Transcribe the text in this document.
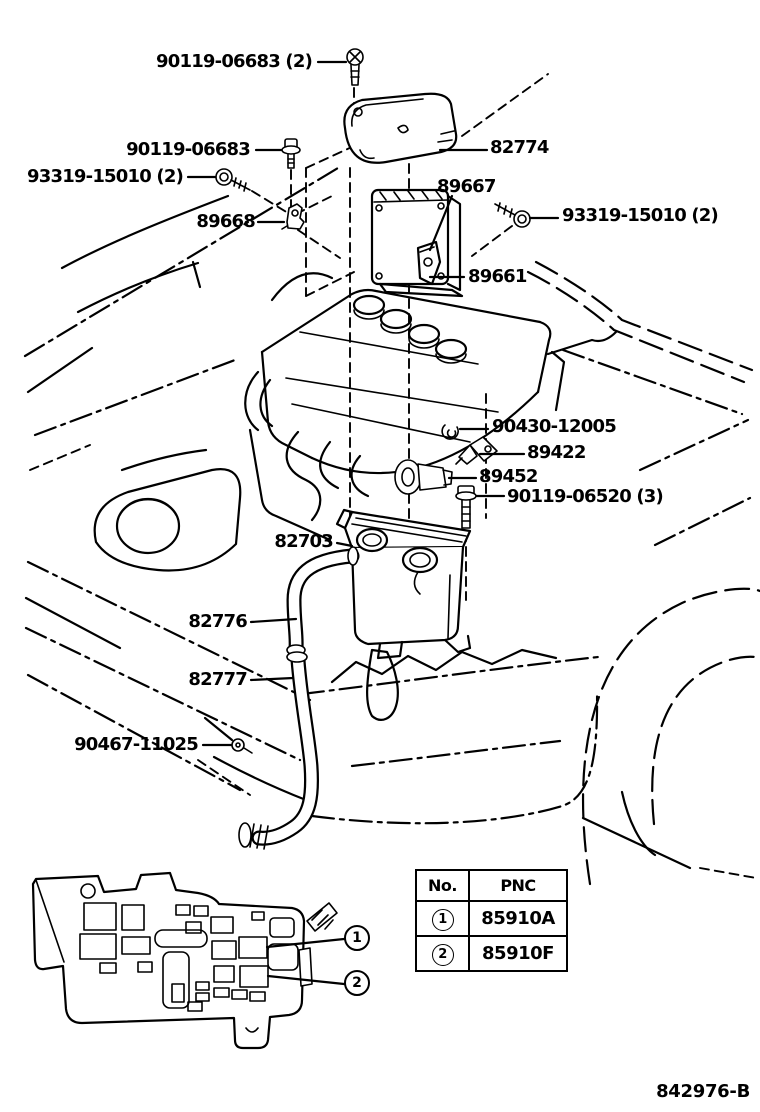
90119-06683 (2)
90119-06683
93319-15010 (2)
89668
82774
89667
93319-15010 (2)
89661
90430-12005
89422
89452
90119-06520 (3)
82703
82776
82777
90467-11025
1
2
No.	PNC
1	85910A
2	85910F
842976-B
